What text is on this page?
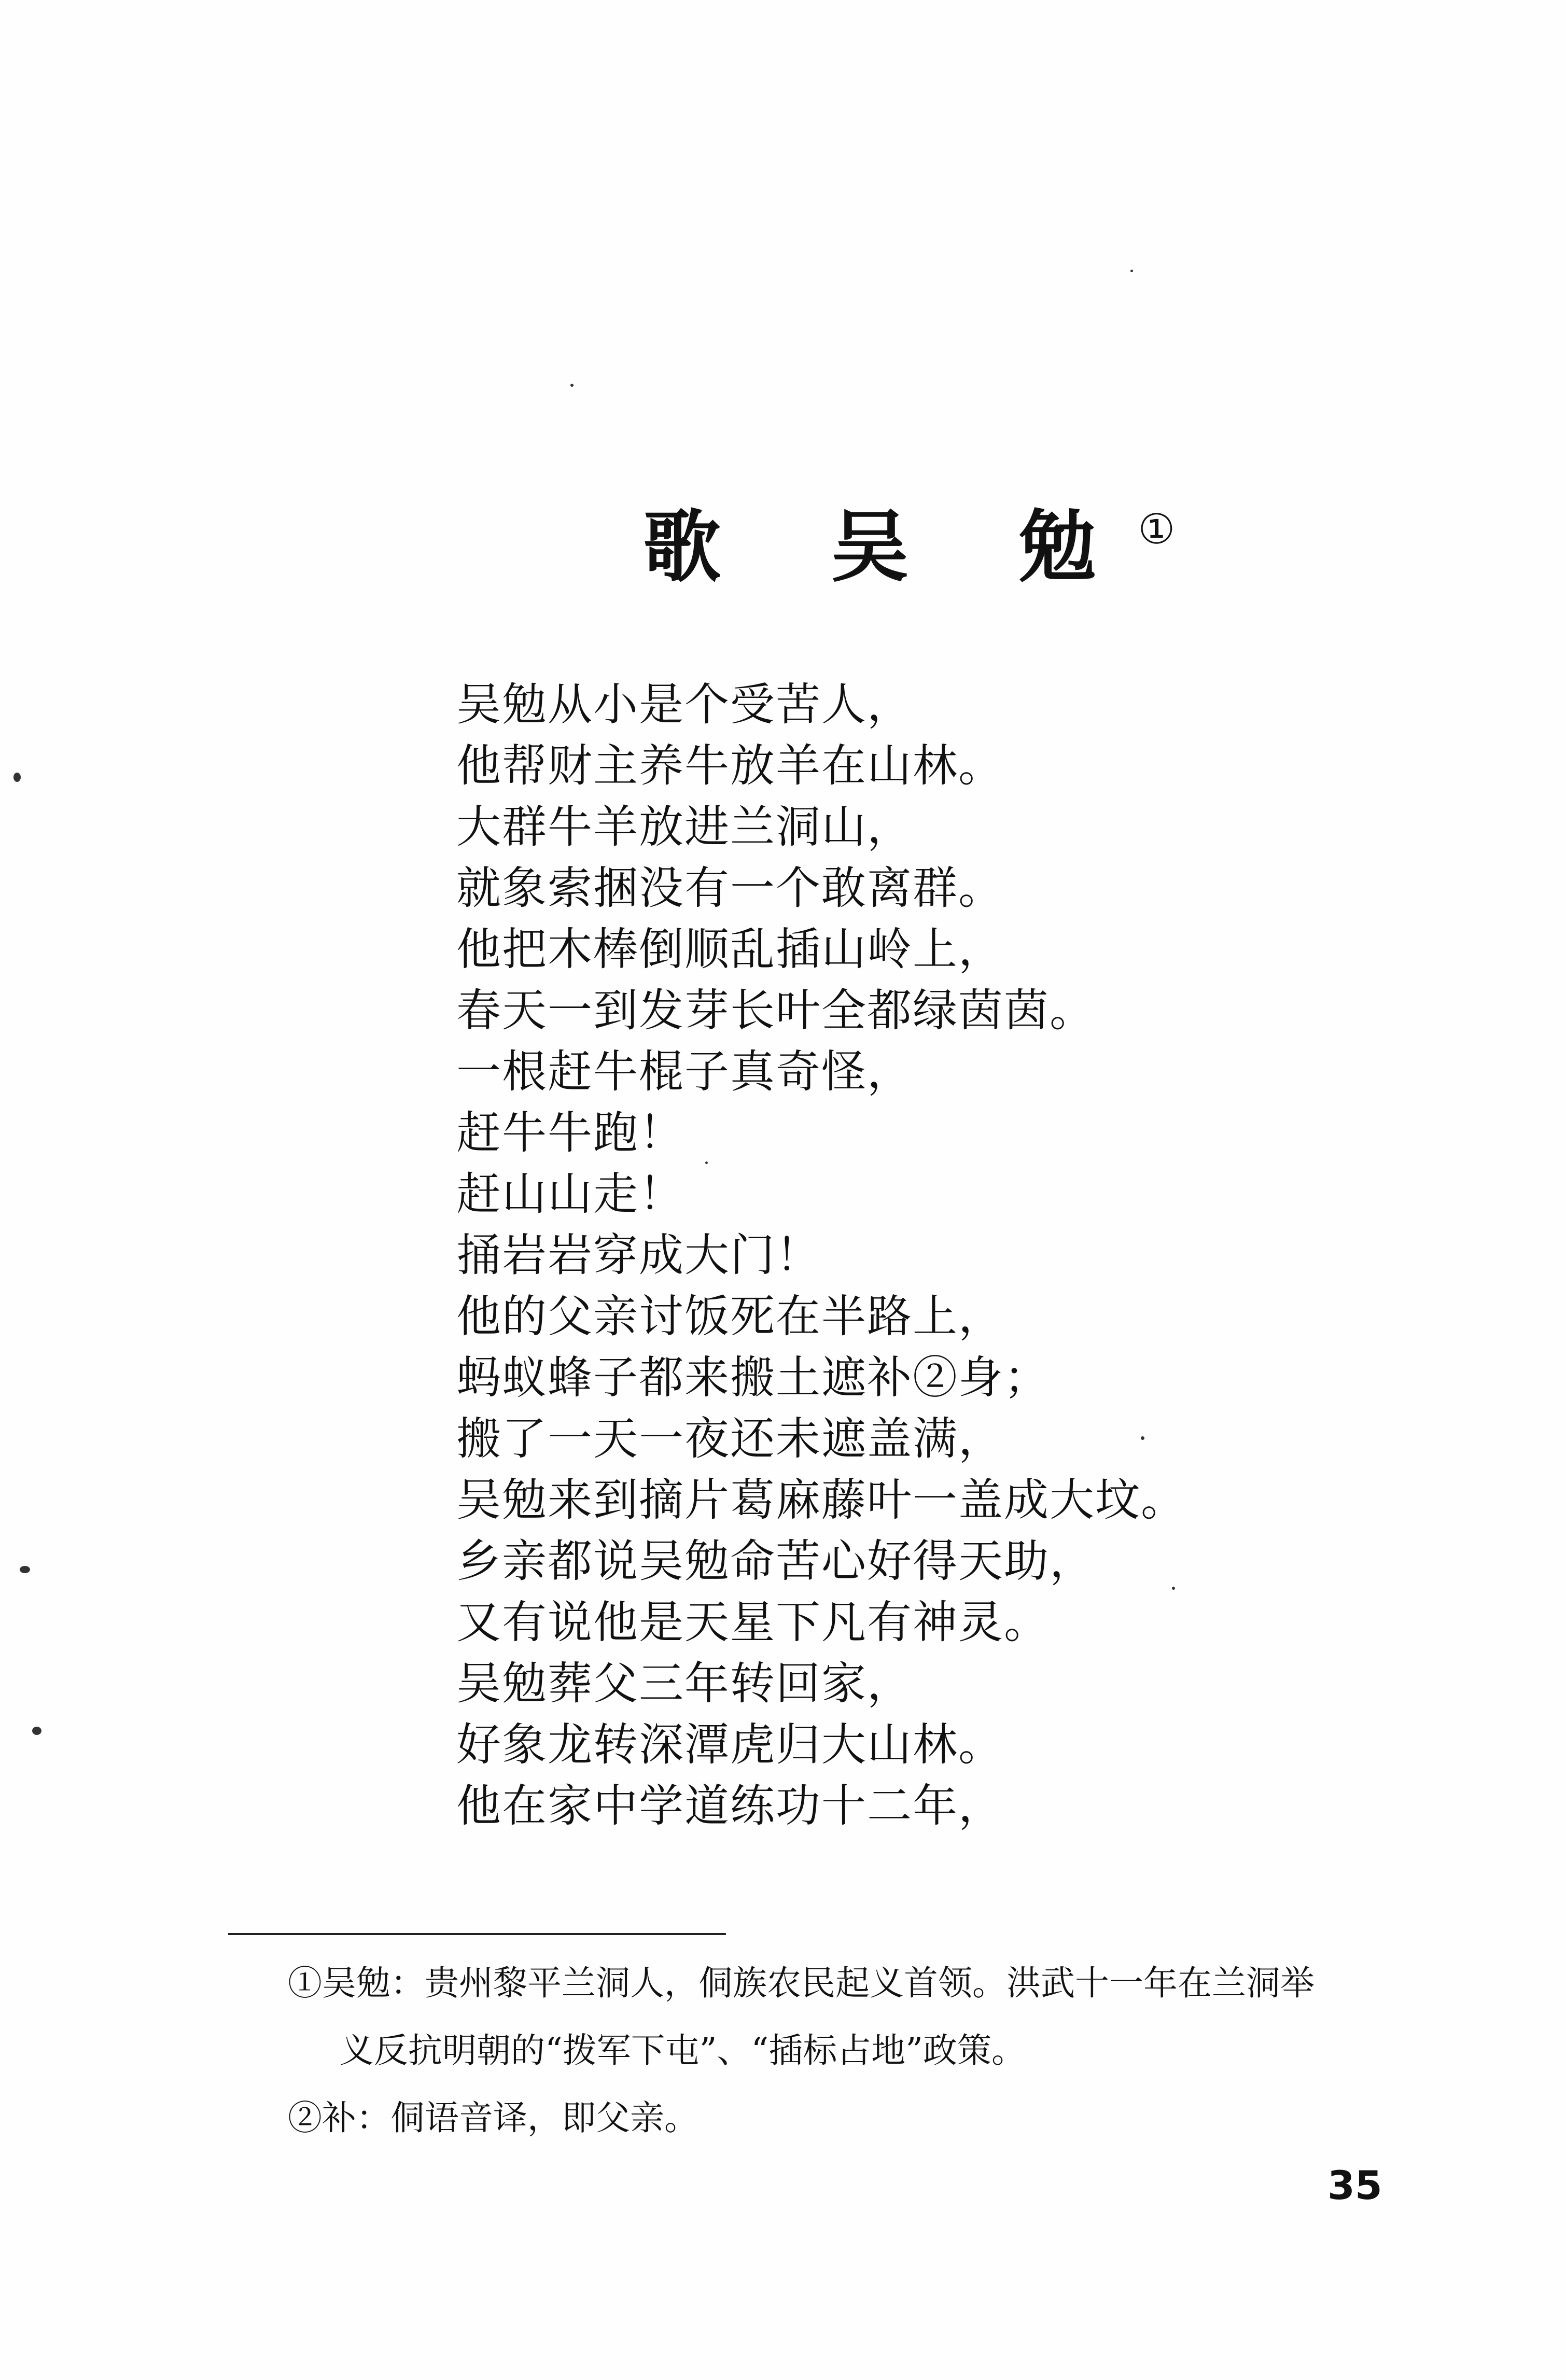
歌 吴 勉①
吴勉从小是个受苦人，
他帮财主养牛放羊在山林。
大群牛羊放进兰洞山，
就象索捆没有一个敢离群。
他把木棒倒顺乱插山岭上，
春天一到发芽长叶全都绿茵茵。
一根赶牛棍子真奇怪，
赶牛牛跑！
赶山山走！
捅岩岩穿成大门！
他的父亲讨饭死在半路上，
蚂蚁蜂子都来搬土遮补②身；
搬了一天一夜还未遮盖满，
吴勉来到摘片葛麻藤叶一盖成大坟。
乡亲都说吴勉命苦心好得天助，
又有说他是天星下凡有神灵。
吴勉葬父三年转回家，
好象龙转深潭虎归大山林。
他在家中学道练功十二年，

①吴勉：贵州黎平兰洞人，侗族农民起义首领。洪武十一年在兰洞举

义反抗明朝的“拨军下屯”、“插标占地”政策。

②补：侗语音译，即父亲。

35
